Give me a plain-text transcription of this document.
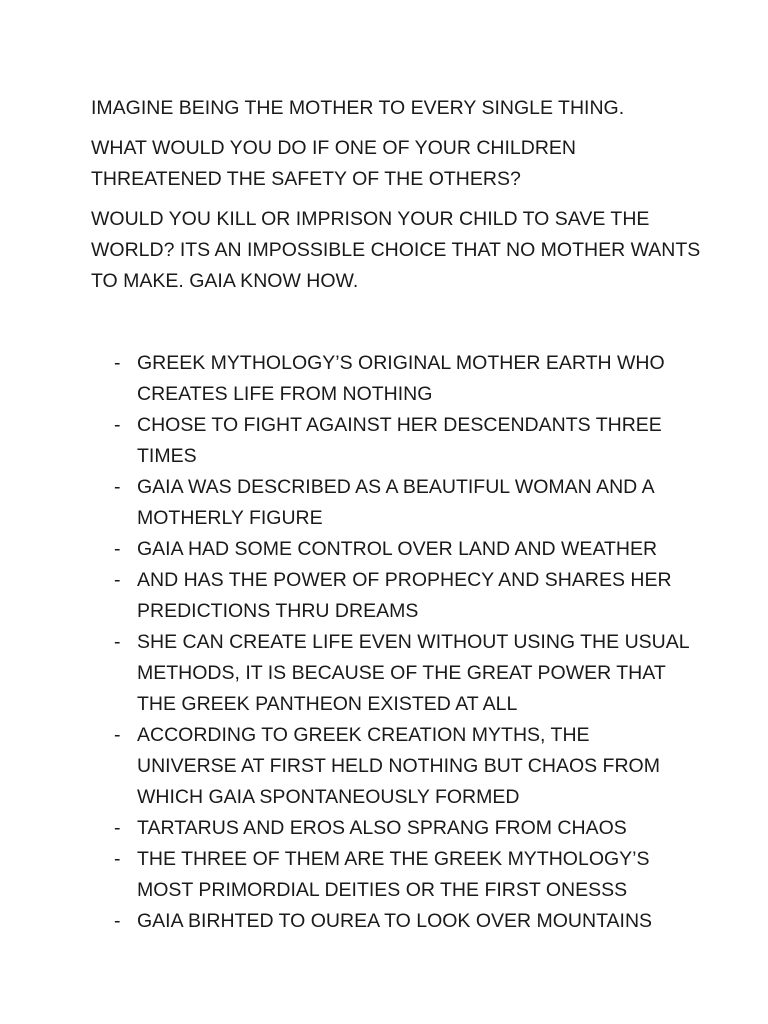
IMAGINE BEING THE MOTHER TO EVERY SINGLE THING.

WHAT WOULD YOU DO IF ONE OF YOUR CHILDREN THREATENED THE SAFETY OF THE OTHERS?

WOULD YOU KILL OR IMPRISON YOUR CHILD TO SAVE THE WORLD? ITS AN IMPOSSIBLE CHOICE THAT NO MOTHER WANTS TO MAKE. GAIA KNOW HOW.

- GREEK MYTHOLOGY’S ORIGINAL MOTHER EARTH WHO CREATES LIFE FROM NOTHING
- CHOSE TO FIGHT AGAINST HER DESCENDANTS THREE TIMES
- GAIA WAS DESCRIBED AS A BEAUTIFUL WOMAN AND A MOTHERLY FIGURE
- GAIA HAD SOME CONTROL OVER LAND AND WEATHER
- AND HAS THE POWER OF PROPHECY AND SHARES HER PREDICTIONS THRU DREAMS
- SHE CAN CREATE LIFE EVEN WITHOUT USING THE USUAL METHODS, IT IS BECAUSE OF THE GREAT POWER THAT THE GREEK PANTHEON EXISTED AT ALL
- ACCORDING TO GREEK CREATION MYTHS, THE UNIVERSE AT FIRST HELD NOTHING BUT CHAOS FROM WHICH GAIA SPONTANEOUSLY FORMED
- TARTARUS AND EROS ALSO SPRANG FROM CHAOS
- THE THREE OF THEM ARE THE GREEK MYTHOLOGY’S MOST PRIMORDIAL DEITIES OR THE FIRST ONESSS
- GAIA BIRHTED TO OUREA TO LOOK OVER MOUNTAINS
